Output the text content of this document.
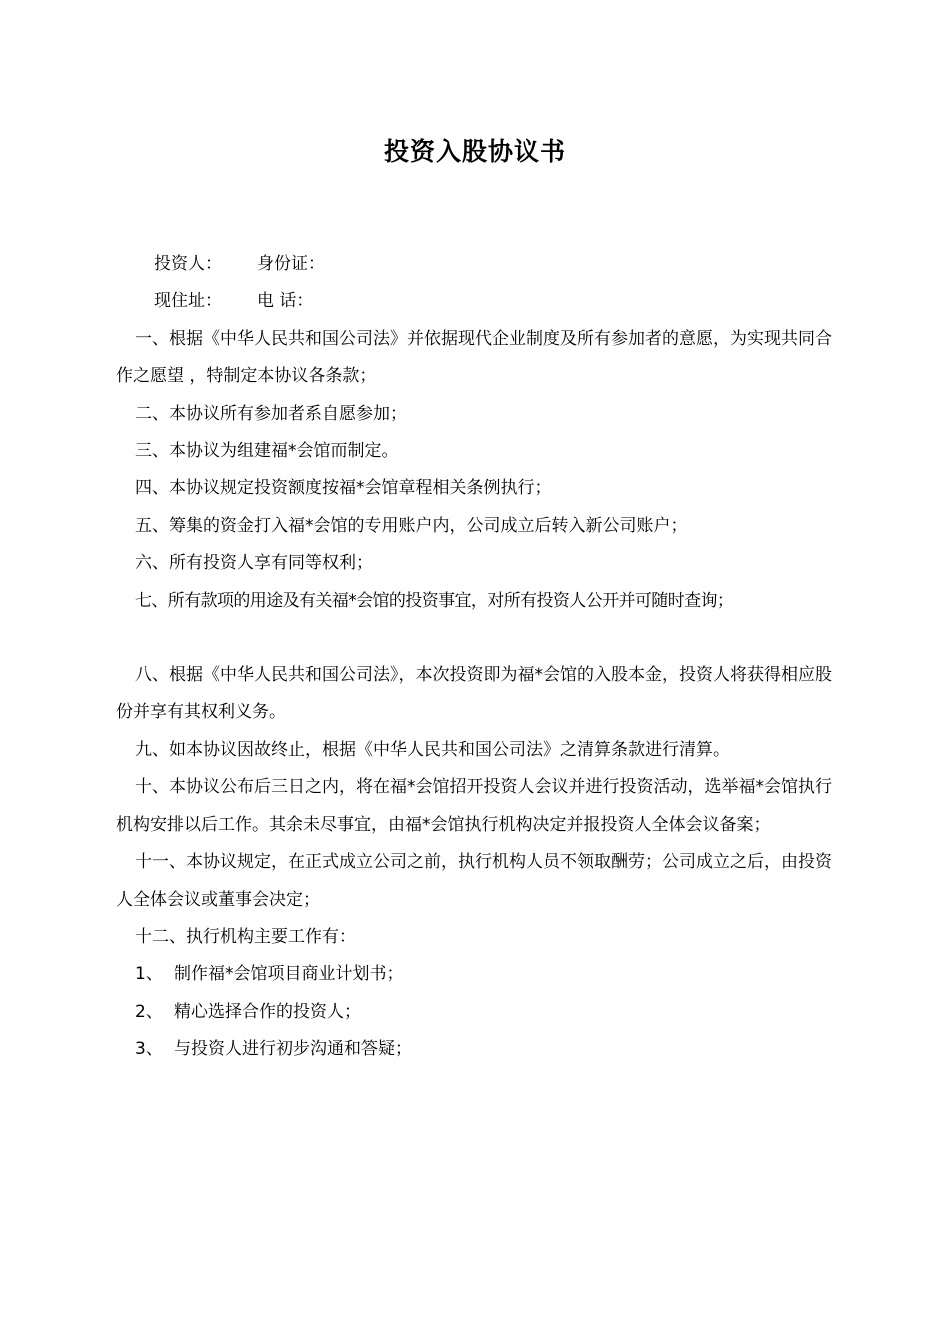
投资入股协议书

投资人： 身份证：

现住址： 电 话：

一、根据《中华人民共和国公司法》并依据现代企业制度及所有参加者的意愿，为实现共同合作之愿望 ，特制定本协议各条款；

二、本协议所有参加者系自愿参加；

三、本协议为组建福*会馆而制定。

四、本协议规定投资额度按福*会馆章程相关条例执行；

五、筹集的资金打入福*会馆的专用账户内，公司成立后转入新公司账户；

六、所有投资人享有同等权利；

七、所有款项的用途及有关福*会馆的投资事宜，对所有投资人公开并可随时查询；

八、根据《中华人民共和国公司法》，本次投资即为福*会馆的入股本金，投资人将获得相应股份并享有其权利义务。

九、如本协议因故终止，根据《中华人民共和国公司法》之清算条款进行清算。

十、本协议公布后三日之内，将在福*会馆招开投资人会议并进行投资活动，选举福*会馆执行机构安排以后工作。其余未尽事宜，由福*会馆执行机构决定并报投资人全体会议备案；

十一、本协议规定，在正式成立公司之前，执行机构人员不领取酬劳；公司成立之后，由投资人全体会议或董事会决定；

十二、执行机构主要工作有：

1、 制作福*会馆项目商业计划书；

2、 精心选择合作的投资人；

3、 与投资人进行初步沟通和答疑；
